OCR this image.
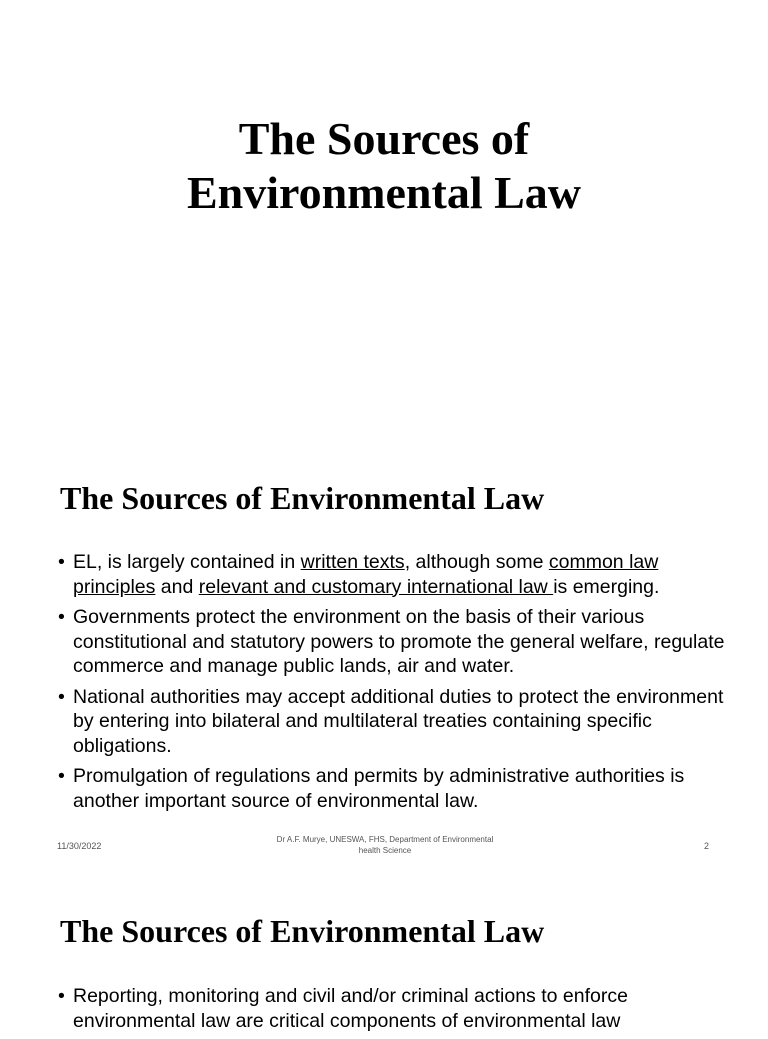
The Sources of
Environmental Law
The Sources of Environmental Law
• EL, is largely contained in written texts, although some common law principles and relevant and customary international law is emerging.
• Governments protect the environment on the basis of their various constitutional and statutory powers to promote the general welfare, regulate commerce and manage public lands, air and water.
• National authorities may accept additional duties to protect the environment by entering into bilateral and multilateral treaties containing specific obligations.
• Promulgation of regulations and permits by administrative authorities is another important source of environmental law.
11/30/2022
Dr A.F. Murye, UNESWA, FHS, Department of Environmental
health Science	2
The Sources of Environmental Law
• Reporting, monitoring and civil and/or criminal actions to enforce environmental law are critical components of environmental law
